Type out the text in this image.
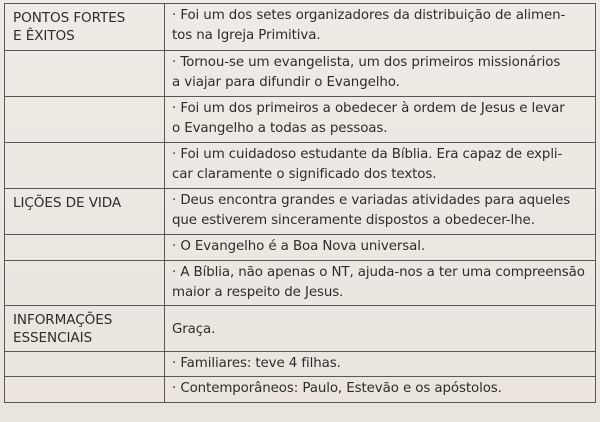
PONTOS FORTES
E ÊXITOS	· Foi um dos setes organizadores da distribuição de alimen-
tos na Igreja Primitiva.

	· Tornou-se um evangelista, um dos primeiros missionários
a viajar para difundir o Evangelho.

	· Foi um dos primeiros a obedecer à ordem de Jesus e levar
o Evangelho a todas as pessoas.

	· Foi um cuidadoso estudante da Bíblia. Era capaz de expli-
car claramente o significado dos textos.

LIÇÕES DE VIDA	· Deus encontra grandes e variadas atividades para aqueles
que estiverem sinceramente dispostos a obedecer-lhe.

	· O Evangelho é a Boa Nova universal.

	· A Bíblia, não apenas o NT, ajuda-nos a ter uma compreensão
maior a respeito de Jesus.

INFORMAÇÕES
ESSENCIAIS	Graça.

	· Familiares: teve 4 filhas.

	· Contemporâneos: Paulo, Estevão e os apóstolos.
